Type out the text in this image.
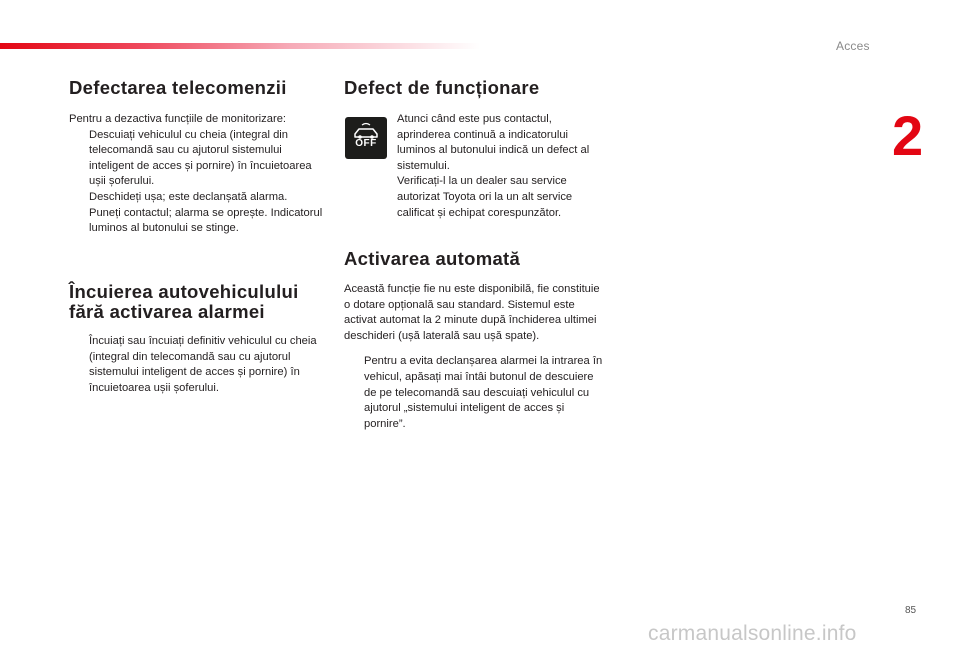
Acces
2
Defectarea telecomenzii

Pentru a dezactiva funcțiile de monitorizare:

Descuiați vehiculul cu cheia (integral din telecomandă sau cu ajutorul sistemului inteligent de acces și pornire) în încuietoarea ușii șoferului.
Deschideți ușa; este declanșată alarma.
Puneți contactul; alarma se oprește. Indicatorul luminos al butonului se stinge.
Încuierea autovehiculului
fără activarea alarmei
Încuiați sau încuiați definitiv vehiculul cu cheia (integral din telecomandă sau cu ajutorul sistemului inteligent de acces și pornire) în încuietoarea ușii șoferului.
Defect de funcționare
OFF

Atunci când este pus contactul, aprinderea continuă a indicatorului luminos al butonului indică un defect al sistemului.

Verificați-l la un dealer sau service autorizat Toyota ori la un alt service calificat și echipat corespunzător.

Activarea automată

Această funcție fie nu este disponibilă, fie constituie o dotare opțională sau standard. Sistemul este activat automat la 2 minute după închiderea ultimei deschideri (ușă laterală sau ușă spate).

Pentru a evita declanșarea alarmei la intrarea în vehicul, apăsați mai întâi butonul de descuiere de pe telecomandă sau descuiați vehiculul cu ajutorul „sistemului inteligent de acces și pornire”.
85
carmanualsonline.info
